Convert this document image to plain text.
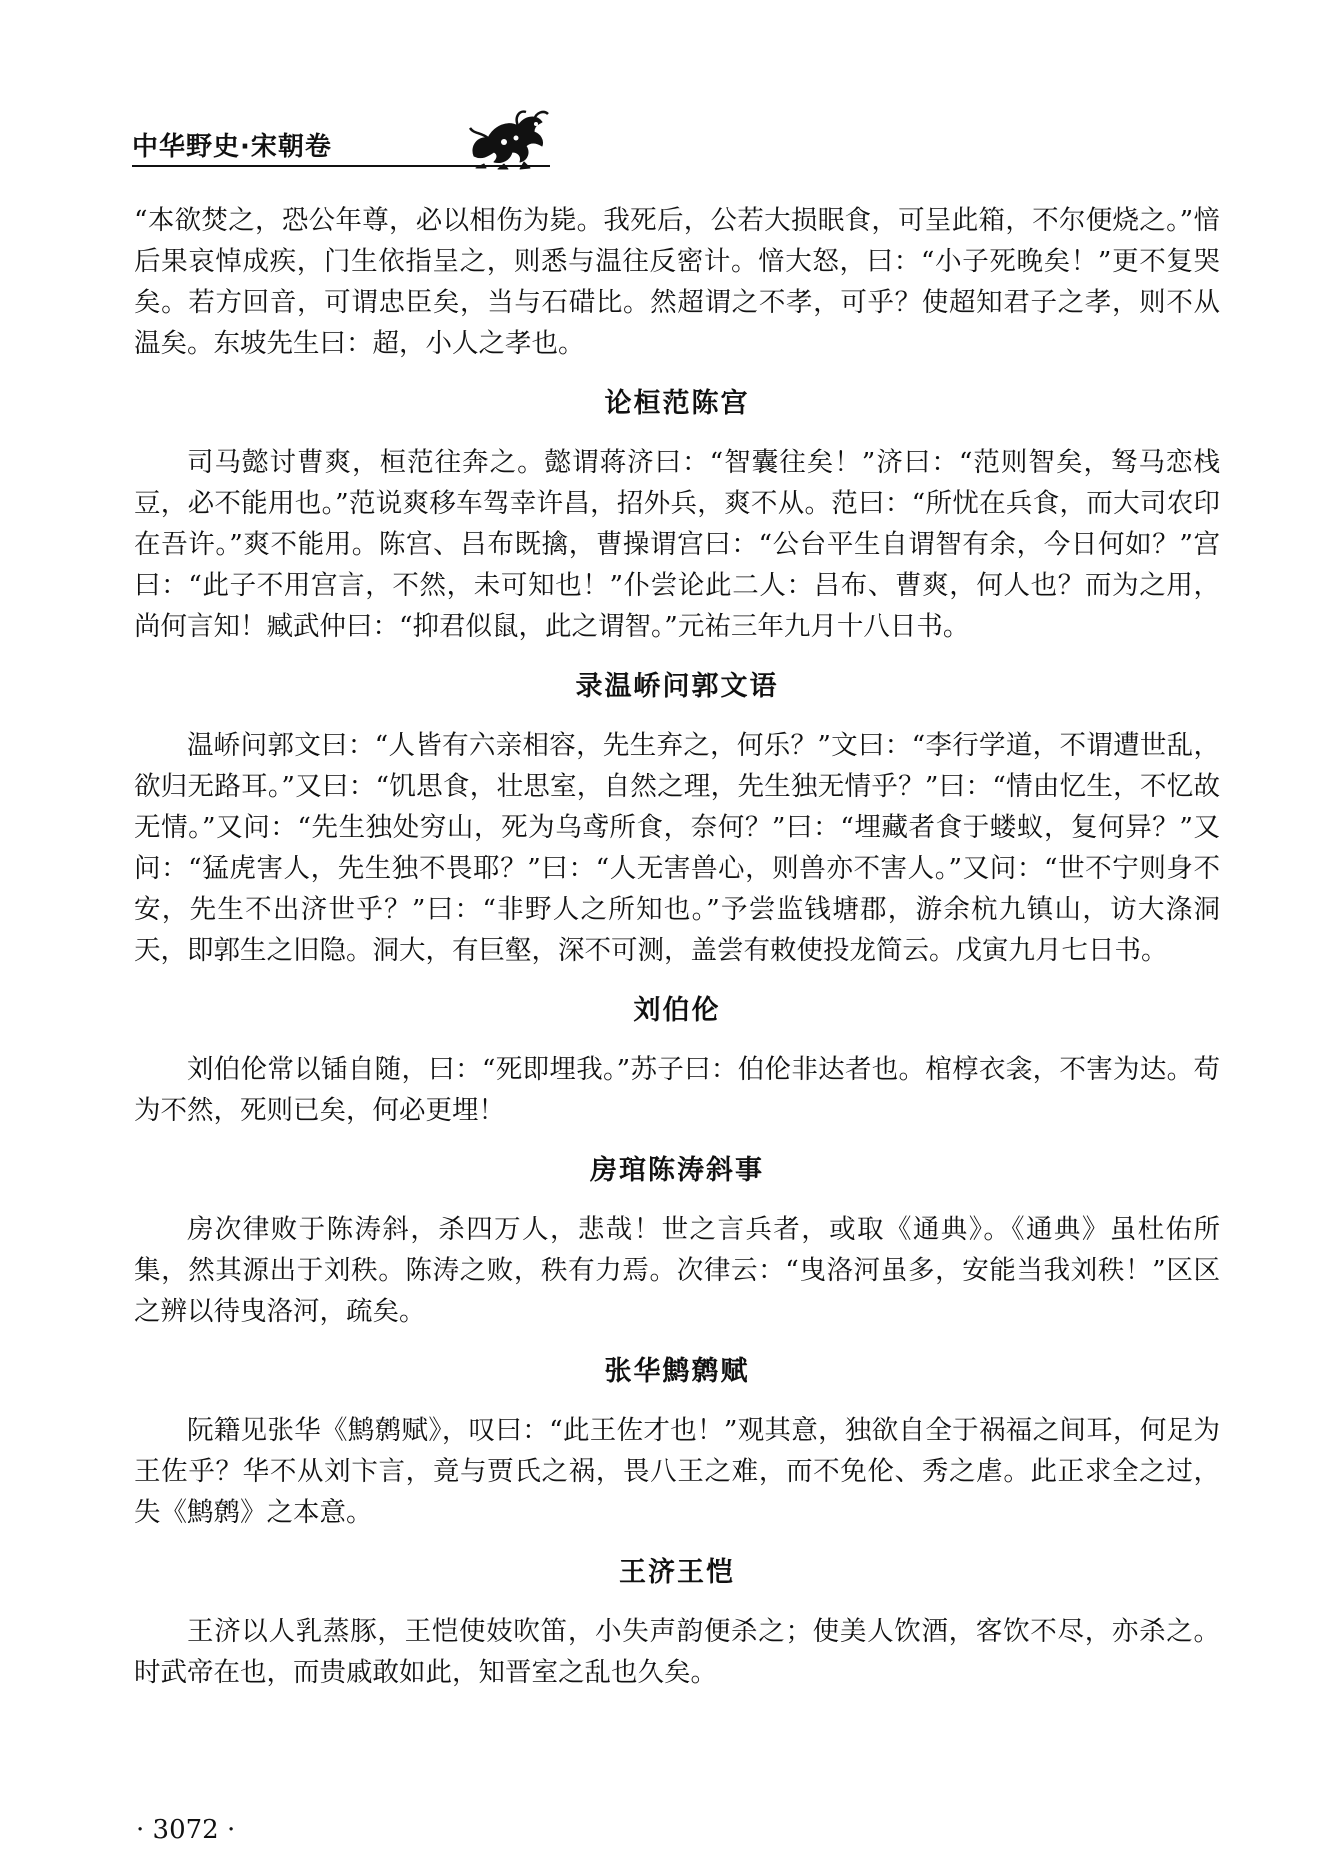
中华野史·宋朝卷

“本欲焚之，恐公年尊，必以相伤为毙。我死后，公若大损眠食，可呈此箱，不尔便烧之。”愔后果哀悼成疾，门生依指呈之，则悉与温往反密计。愔大怒，曰：“小子死晚矣！”更不复哭矣。若方回音，可谓忠臣矣，当与石碏比。然超谓之不孝，可乎？使超知君子之孝，则不从温矣。东坡先生曰：超，小人之孝也。

论桓范陈宫

司马懿讨曹爽，桓范往奔之。懿谓蒋济曰：“智囊往矣！”济曰：“范则智矣，驽马恋栈豆，必不能用也。”范说爽移车驾幸许昌，招外兵，爽不从。范曰：“所忧在兵食，而大司农印在吾许。”爽不能用。陈宫、吕布既擒，曹操谓宫曰：“公台平生自谓智有余，今日何如？”宫曰：“此子不用宫言，不然，未可知也！”仆尝论此二人：吕布、曹爽，何人也？而为之用，尚何言知！臧武仲曰：“抑君似鼠，此之谓智。”元祐三年九月十八日书。

录温峤问郭文语

温峤问郭文曰：“人皆有六亲相容，先生弃之，何乐？”文曰：“李行学道，不谓遭世乱，欲归无路耳。”又曰：“饥思食，壮思室，自然之理，先生独无情乎？”曰：“情由忆生，不忆故无情。”又问：“先生独处穷山，死为乌鸢所食，奈何？”曰：“埋藏者食于蝼蚁，复何异？”又问：“猛虎害人，先生独不畏耶？”曰：“人无害兽心，则兽亦不害人。”又问：“世不宁则身不安，先生不出济世乎？”曰：“非野人之所知也。”予尝监钱塘郡，游余杭九镇山，访大涤洞天，即郭生之旧隐。洞大，有巨壑，深不可测，盖尝有敕使投龙简云。戊寅九月七日书。

刘伯伦

刘伯伦常以锸自随，曰：“死即埋我。”苏子曰：伯伦非达者也。棺椁衣衾，不害为达。苟为不然，死则已矣，何必更埋！

房琯陈涛斜事

房次律败于陈涛斜，杀四万人，悲哉！世之言兵者，或取《通典》。《通典》虽杜佑所集，然其源出于刘秩。陈涛之败，秩有力焉。次律云：“曳洛河虽多，安能当我刘秩！”区区之辨以待曳洛河，疏矣。

张华鹪鹩赋

阮籍见张华《鹪鹩赋》，叹曰：“此王佐才也！”观其意，独欲自全于祸福之间耳，何足为王佐乎？华不从刘卞言，竟与贾氏之祸，畏八王之难，而不免伦、秀之虐。此正求全之过，失《鹪鹩》之本意。

王济王恺

王济以人乳蒸豚，王恺使妓吹笛，小失声韵便杀之；使美人饮酒，客饮不尽，亦杀之。时武帝在也，而贵戚敢如此，知晋室之乱也久矣。

· 3072 ·
